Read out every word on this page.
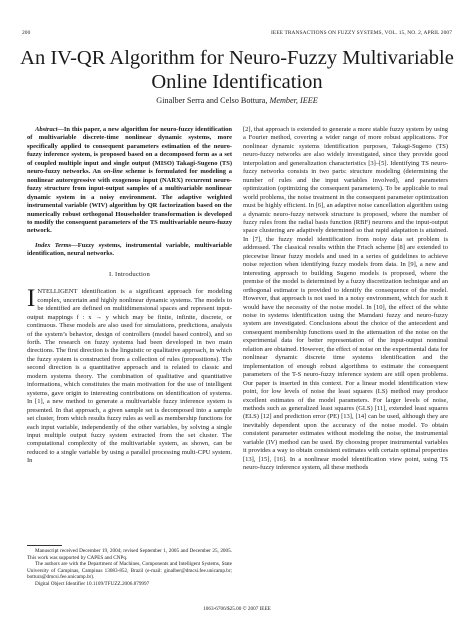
200	IEEE TRANSACTIONS ON FUZZY SYSTEMS, VOL. 15, NO. 2, APRIL 2007
An IV-QR Algorithm for Neuro-Fuzzy Multivariable
Online Identification
Ginalber Serra and Celso Bottura, Member, IEEE

Abstract—In this paper, a new algorithm for neuro-fuzzy identification of multivariable discrete-time nonlinear dynamic systems, more specifically applied to consequent parameters estimation of the neuro-fuzzy inference system, is proposed based on a decomposed form as a set of coupled multiple input and single output (MISO) Takagi-Sugeno (TS) neuro-fuzzy networks. An on-line scheme is formulated for modeling a nonlinear autoregressive with exogenous input (NARX) recurrent neuro-fuzzy structure from input-output samples of a multivariable nonlinear dynamic system in a noisy environment. The adaptive weighted instrumental variable (WIV) algorithm by QR factorization based on the numerically robust orthogonal Householder transformation is developed to modify the consequent parameters of the TS multivariable neuro-fuzzy network.

Index Terms—Fuzzy systems, instrumental variable, multivariable identification, neural networks.

I. Introduction

INTELLIGENT identification is a significant approach for modeling complex, uncertain and highly nonlinear dynamic systems. The models to be identified are defined on multidimensional spaces and represent input-output mappings f : x → y which may be finite, infinite, discrete, or continuous. These models are also used for simulations, predictions, analysis of the system’s behavior, design of controllers (model based control), and so forth. The research on fuzzy systems had been developed in two main directions. The first direction is the linguistic or qualitative approach, in which the fuzzy system is constructed from a collection of rules (propositions). The second direction is a quantitative approach and is related to classic and modern systems theory. The combination of qualitative and quantitative informations, which constitutes the main motivation for the use of intelligent systems, gave origin to interesting contributions on identification of systems. In [1], a new method to generate a multivariable fuzzy inference system is presented. In that approach, a given sample set is decomposed into a sample set cluster, from which results fuzzy rules as well as membership functions for each input variable, independently of the other variables, by solving a single input multiple output fuzzy system extracted from the set cluster. The computational complexity of the multivariable system, as shown, can be reduced to a single variable by using a parallel processing multi-CPU system. In

[2], that approach is extended to generate a more stable fuzzy system by using a Fourier method, covering a wider range of more robust applications. For nonlinear dynamic systems identification purposes, Takagi-Sugeno (TS) neuro-fuzzy networks are also widely investigated, since they provide good interpolation and generalization characteristics [3]–[5]. Identifying TS neuro-fuzzy networks consists in two parts: structure modeling (determining the number of rules and the input variables involved), and parameters optimization (optimizing the consequent parameters). To be applicable to real world problems, the noise treatment in the consequent parameter optimization must be highly efficient. In [6], an adaptive noise cancellation algorithm using a dynamic neuro-fuzzy network structure is proposed, where the number of fuzzy rules from the radial basis function (RBF) neurons and the input-output space clustering are adaptively determined so that rapid adaptation is attained. In [7], the fuzzy model identification from noisy data set problem is addressed. The classical results within the Frisch scheme [8] are extended to piecewise linear fuzzy models and used in a series of guidelines to achieve noise rejection when identifying fuzzy models from data. In [9], a new and interesting approach to building Sugeno models is proposed, where the premise of the model is determined by a fuzzy discretization technique and an orthogonal estimator is provided to identify the consequence of the model. However, that approach is not used in a noisy environment, which for such it would have the necessity of the noise model. In [10], the effect of the white noise in systems identification using the Mamdani fuzzy and neuro-fuzzy system are investigated. Conclusions about the choice of the antecedent and consequent membership functions used in the attenuation of the noise on the experimental data for better representation of the input-output nominal relation are obtained. However, the effect of noise on the experimental data for nonlinear dynamic discrete time systems identification and the implementation of enough robust algorithms to estimate the consequent parameters of the T-S neuro-fuzzy inference system are still open problems. Our paper is inserted in this context. For a linear model identification view point, for low levels of noise the least squares (LS) method may produce excellent estimates of the model parameters. For larger levels of noise, methods such as generalized least squares (GLS) [11], extended least squares (ELS) [12] and prediction error (PE) [13], [14] can be used, although they are inevitably dependent upon the accuracy of the noise model. To obtain consistent parameter estimates without modeling the noise, the instrumental variable (IV) method can be used. By choosing proper instrumental variables it provides a way to obtain consistent estimates with certain optimal properties [13], [15], [16]. In a nonlinear model identification view point, using TS neuro-fuzzy inference system, all these methods

Manuscript received December 19, 2004; revised September 1, 2005 and December 25, 2005. This work was supported by CAPES and CNPq.

The authors are with the Department of Machines, Components and Intelligent Systems, State University of Campinas, Campinas 13083-852, Brazil (e-mail: ginalber@dmcsi.fee.unicamp.br; bottura@dmcsi.fee.unicamp.br).

Digital Object Identifier 10.1109/TFUZZ.2006.879997

1063-6706/$25.00 © 2007 IEEE
